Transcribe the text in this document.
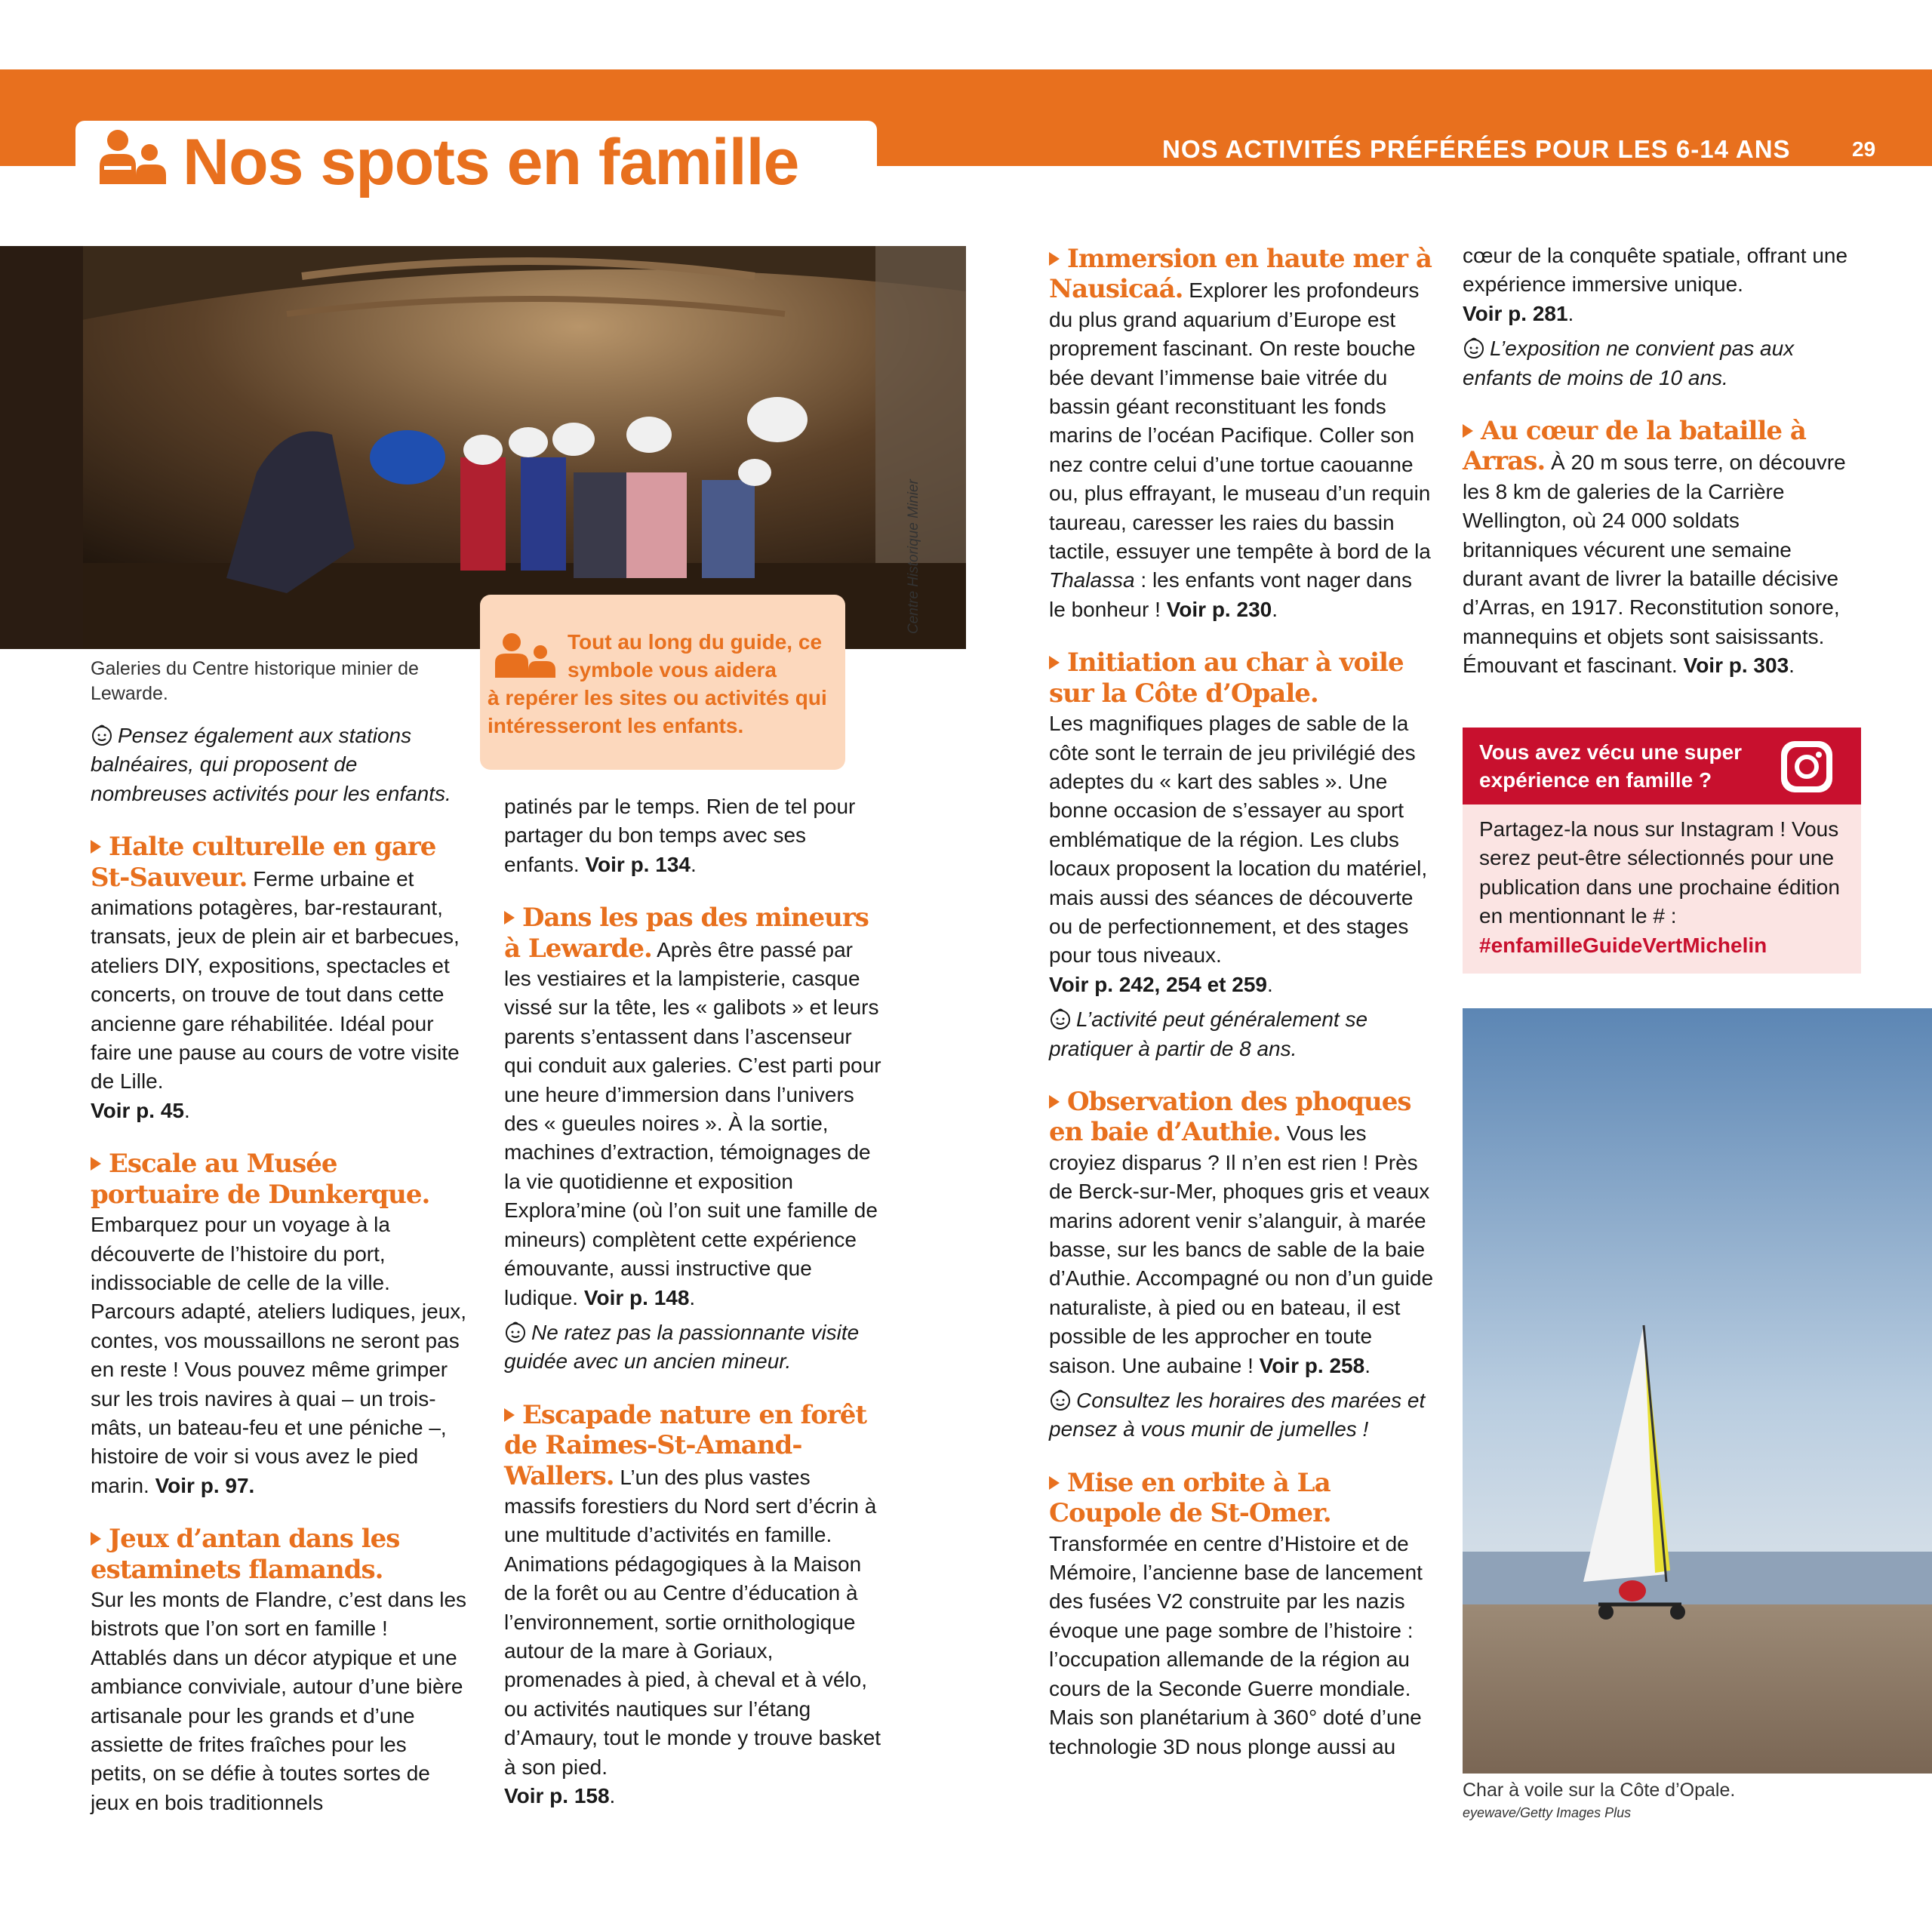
Nos spots en famille	NOS ACTIVITÉS PRÉFÉRÉES POUR LES 6-14 ANS	29
Centre Historique Minier
Galeries du Centre historique minier de Lewarde.
Tout au long du guide, ce symbole vous aidera
à repérer les sites ou activités qui intéresseront les enfants.

Pensez également aux stations balnéaires, qui proposent de nombreuses activités pour les enfants.

Halte culturelle en gare St-Sauveur. Ferme urbaine et animations potagères, bar-restaurant, transats, jeux de plein air et barbecues, ateliers DIY, expositions, spectacles et concerts, on trouve de tout dans cette ancienne gare réhabilitée. Idéal pour faire une pause au cours de votre visite de Lille.
Voir p. 45.

Escale au Musée portuaire de Dunkerque.
Embarquez pour un voyage à la découverte de l’histoire du port, indissociable de celle de la ville. Parcours adapté, ateliers ludiques, jeux, contes, vos moussaillons ne seront pas en reste ! Vous pouvez même grimper sur les trois navires à quai – un trois-mâts, un bateau-feu et une péniche –, histoire de voir si vous avez le pied marin. Voir p. 97.

Jeux d’antan dans les estaminets flamands.
Sur les monts de Flandre, c’est dans les bistrots que l’on sort en famille ! Attablés dans un décor atypique et une ambiance conviviale, autour d’une bière artisanale pour les grands et d’une assiette de frites fraîches pour les petits, on se défie à toutes sortes de jeux en bois traditionnels

patinés par le temps. Rien de tel pour partager du bon temps avec ses enfants. Voir p. 134.

Dans les pas des mineurs à Lewarde. Après être passé par les vestiaires et la lampisterie, casque vissé sur la tête, les « galibots » et leurs parents s’entassent dans l’ascenseur qui conduit aux galeries. C’est parti pour une heure d’immersion dans l’univers des « gueules noires ». À la sortie, machines d’extraction, témoignages de la vie quotidienne et exposition Explora’mine (où l’on suit une famille de mineurs) complètent cette expérience émouvante, aussi instructive que ludique. Voir p. 148.

Ne ratez pas la passionnante visite guidée avec un ancien mineur.

Escapade nature en forêt de Raimes-St-Amand-Wallers. L’un des plus vastes massifs forestiers du Nord sert d’écrin à une multitude d’activités en famille. Animations pédagogiques à la Maison de la forêt ou au Centre d’éducation à l’environnement, sortie ornithologique autour de la mare à Goriaux, promenades à pied, à cheval et à vélo, ou activités nautiques sur l’étang d’Amaury, tout le monde y trouve basket à son pied.
Voir p. 158.

Immersion en haute mer à Nausicaá. Explorer les profondeurs du plus grand aquarium d’Europe est proprement fascinant. On reste bouche bée devant l’immense baie vitrée du bassin géant reconstituant les fonds marins de l’océan Pacifique. Coller son nez contre celui d’une tortue caouanne ou, plus effrayant, le museau d’un requin taureau, caresser les raies du bassin tactile, essuyer une tempête à bord de la Thalassa : les enfants vont nager dans le bonheur ! Voir p. 230.

Initiation au char à voile sur la Côte d’Opale.
Les magnifiques plages de sable de la côte sont le terrain de jeu privilégié des adeptes du « kart des sables ». Une bonne occasion de s’essayer au sport emblématique de la région. Les clubs locaux proposent la location du matériel, mais aussi des séances de découverte ou de perfectionnement, et des stages pour tous niveaux.
Voir p. 242, 254 et 259.

L’activité peut généralement se pratiquer à partir de 8 ans.

Observation des phoques en baie d’Authie. Vous les croyiez disparus ? Il n’en est rien ! Près de Berck-sur-Mer, phoques gris et veaux marins adorent venir s’alanguir, à marée basse, sur les bancs de sable de la baie d’Authie. Accompagné ou non d’un guide naturaliste, à pied ou en bateau, il est possible de les approcher en toute saison. Une aubaine ! Voir p. 258.

Consultez les horaires des marées et pensez à vous munir de jumelles !

Mise en orbite à La Coupole de St-Omer.
Transformée en centre d’Histoire et de Mémoire, l’ancienne base de lancement des fusées V2 construite par les nazis évoque une page sombre de l’histoire : l’occupation allemande de la région au cours de la Seconde Guerre mondiale. Mais son planétarium à 360° doté d’une technologie 3D nous plonge aussi au

cœur de la conquête spatiale, offrant une expérience immersive unique.
Voir p. 281.

L’exposition ne convient pas aux enfants de moins de 10 ans.

Au cœur de la bataille à Arras. À 20 m sous terre, on découvre les 8 km de galeries de la Carrière Wellington, où 24 000 soldats britanniques vécurent une semaine durant avant de livrer la bataille décisive d’Arras, en 1917. Reconstitution sonore, mannequins et objets sont saisissants. Émouvant et fascinant. Voir p. 303.

Vous avez vécu une super expérience en famille ?
Partagez-la nous sur Instagram ! Vous serez peut-être sélectionnés pour une publication dans une prochaine édition en mentionnant le # : #enfamilleGuideVertMichelin
Char à voile sur la Côte d’Opale.
eyewave/Getty Images Plus
